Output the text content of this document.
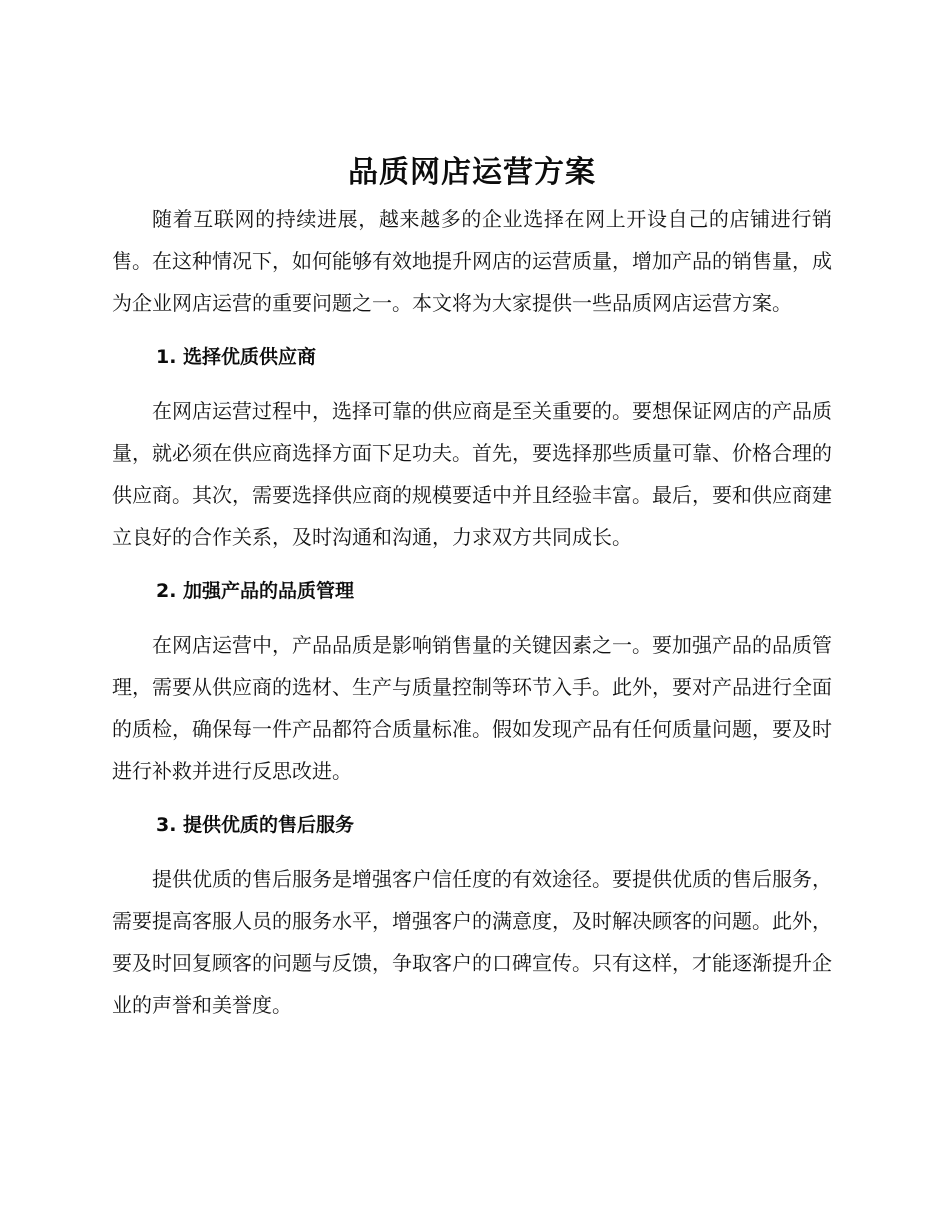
品质网店运营方案

随着互联网的持续进展，越来越多的企业选择在网上开设自己的店铺进行销售。在这种情况下，如何能够有效地提升网店的运营质量，增加产品的销售量，成为企业网店运营的重要问题之一。本文将为大家提供一些品质网店运营方案。

1. 选择优质供应商

在网店运营过程中，选择可靠的供应商是至关重要的。要想保证网店的产品质量，就必须在供应商选择方面下足功夫。首先，要选择那些质量可靠、价格合理的供应商。其次，需要选择供应商的规模要适中并且经验丰富。最后，要和供应商建立良好的合作关系，及时沟通和沟通，力求双方共同成长。

2. 加强产品的品质管理

在网店运营中，产品品质是影响销售量的关键因素之一。要加强产品的品质管理，需要从供应商的选材、生产与质量控制等环节入手。此外，要对产品进行全面的质检，确保每一件产品都符合质量标准。假如发现产品有任何质量问题，要及时进行补救并进行反思改进。

3. 提供优质的售后服务

提供优质的售后服务是增强客户信任度的有效途径。要提供优质的售后服务，需要提高客服人员的服务水平，增强客户的满意度，及时解决顾客的问题。此外，要及时回复顾客的问题与反馈，争取客户的口碑宣传。只有这样，才能逐渐提升企业的声誉和美誉度。
